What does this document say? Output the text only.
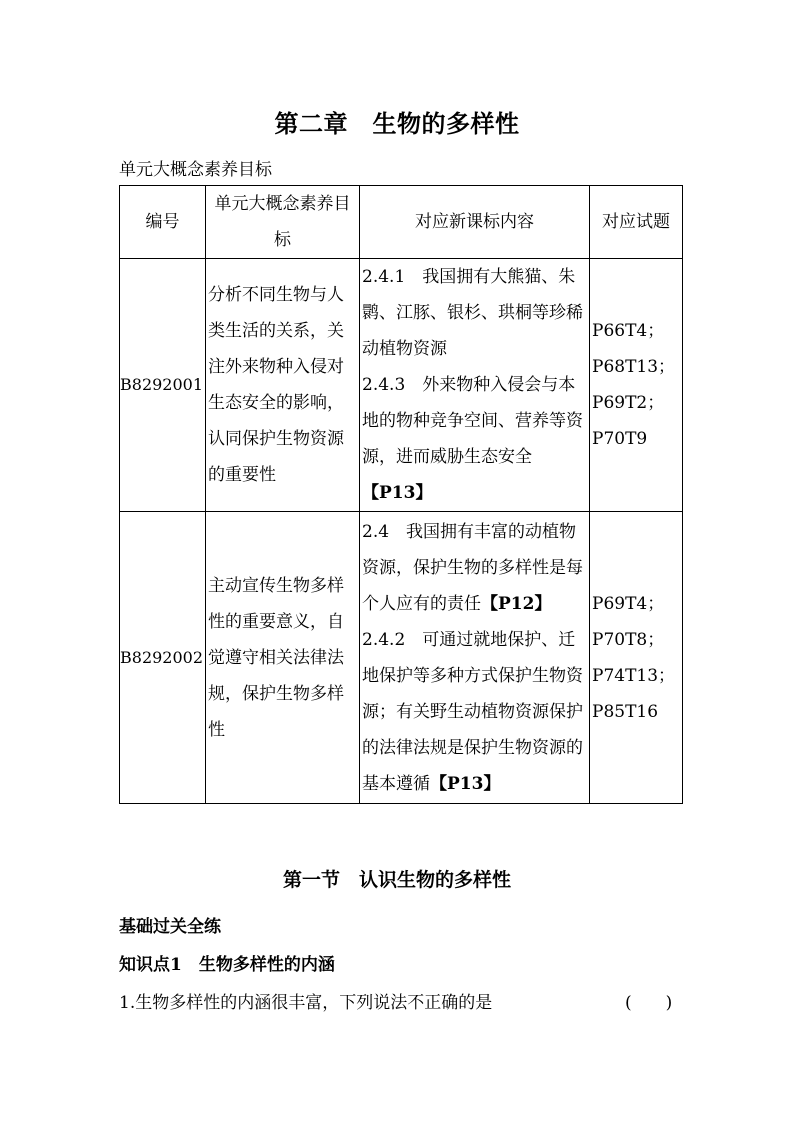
第二章　生物的多样性
单元大概念素养目标
编号	单元大概念素养目标	对应新课标内容	对应试题
B8292001	分析不同生物与人类生活的关系，关注外来物种入侵对生态安全的影响，认同保护生物资源的重要性	2.4.1　我国拥有大熊猫、朱鹮、江豚、银杉、珙桐等珍稀动植物资源
2.4.3　外来物种入侵会与本地的物种竞争空间、营养等资源，进而威胁生态安全
【P13】	P66T4；
P68T13；
P69T2；
P70T9
B8292002	主动宣传生物多样性的重要意义，自觉遵守相关法律法规，保护生物多样性	2.4　我国拥有丰富的动植物资源，保护生物的多样性是每个人应有的责任【P12】
2.4.2　可通过就地保护、迁地保护等多种方式保护生物资源；有关野生动植物资源保护的法律法规是保护生物资源的基本遵循【P13】	P69T4；
P70T8；
P74T13；
P85T16
第一节　认识生物的多样性
基础过关全练
知识点1　生物多样性的内涵
1.生物多样性的内涵很丰富，下列说法不正确的是	(　　)
